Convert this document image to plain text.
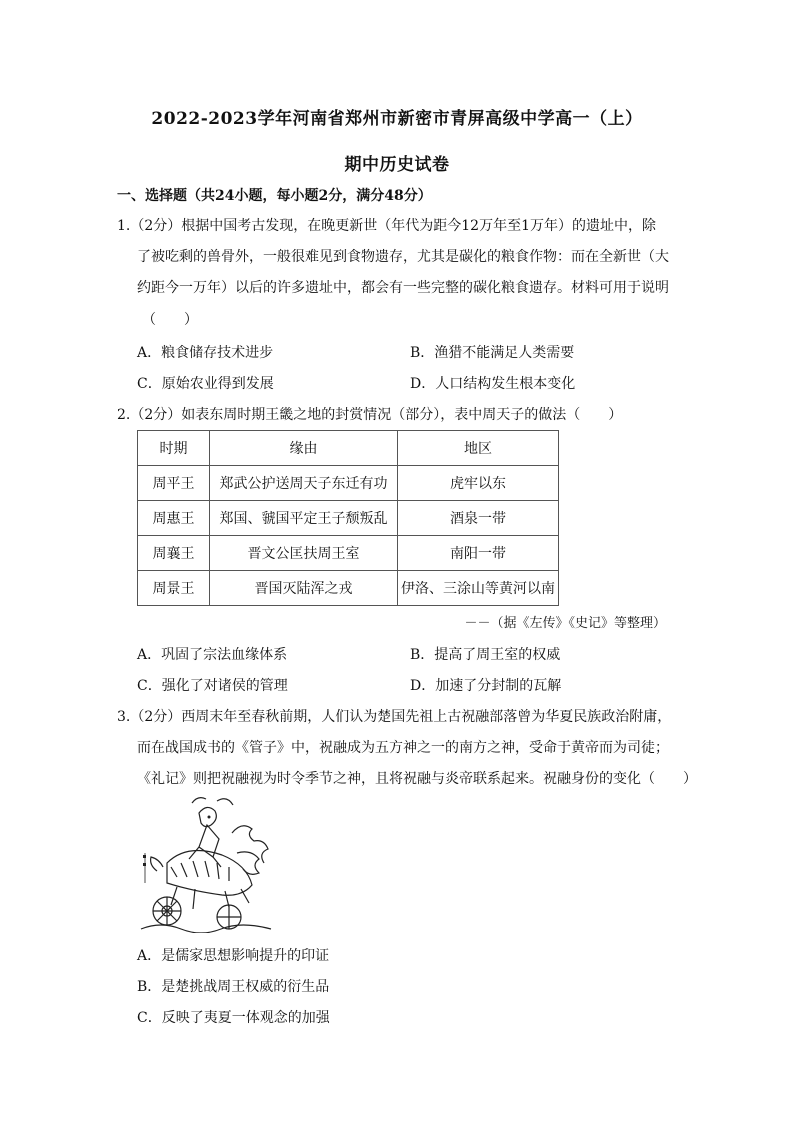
2022-2023学年河南省郑州市新密市青屏高级中学高一（上）
期中历史试卷
一、选择题（共24小题，每小题2分，满分48分）
1.（2分）根据中国考古发现，在晚更新世（年代为距今12万年至1万年）的遗址中，除
了被吃剩的兽骨外，一般很难见到食物遗存，尤其是碳化的粮食作物：而在全新世（大
约距今一万年）以后的许多遗址中，都会有一些完整的碳化粮食遗存。材料可用于说明
（　　）
A．粮食储存技术进步	B．渔猎不能满足人类需要
C．原始农业得到发展	D．人口结构发生根本变化
2.（2分）如表东周时期王畿之地的封赏情况（部分），表中周天子的做法（　　）
时期	缘由	地区
周平王	郑武公护送周天子东迁有功	虎牢以东
周惠王	郑国、虢国平定王子颓叛乱	酒泉一带
周襄王	晋文公匡扶周王室	南阳一带
周景王	晋国灭陆浑之戎	伊洛、三涂山等黄河以南
－－（据《左传》《史记》等整理）
A．巩固了宗法血缘体系	B．提高了周王室的权威
C．强化了对诸侯的管理	D．加速了分封制的瓦解
3.（2分）西周末年至春秋前期，人们认为楚国先祖上古祝融部落曾为华夏民族政治附庸，
而在战国成书的《管子》中，祝融成为五方神之一的南方之神，受命于黄帝而为司徒；
《礼记》则把祝融视为时令季节之神，且将祝融与炎帝联系起来。祝融身份的变化（　　）
A．是儒家思想影响提升的印证
B．是楚挑战周王权威的衍生品
C．反映了夷夏一体观念的加强
